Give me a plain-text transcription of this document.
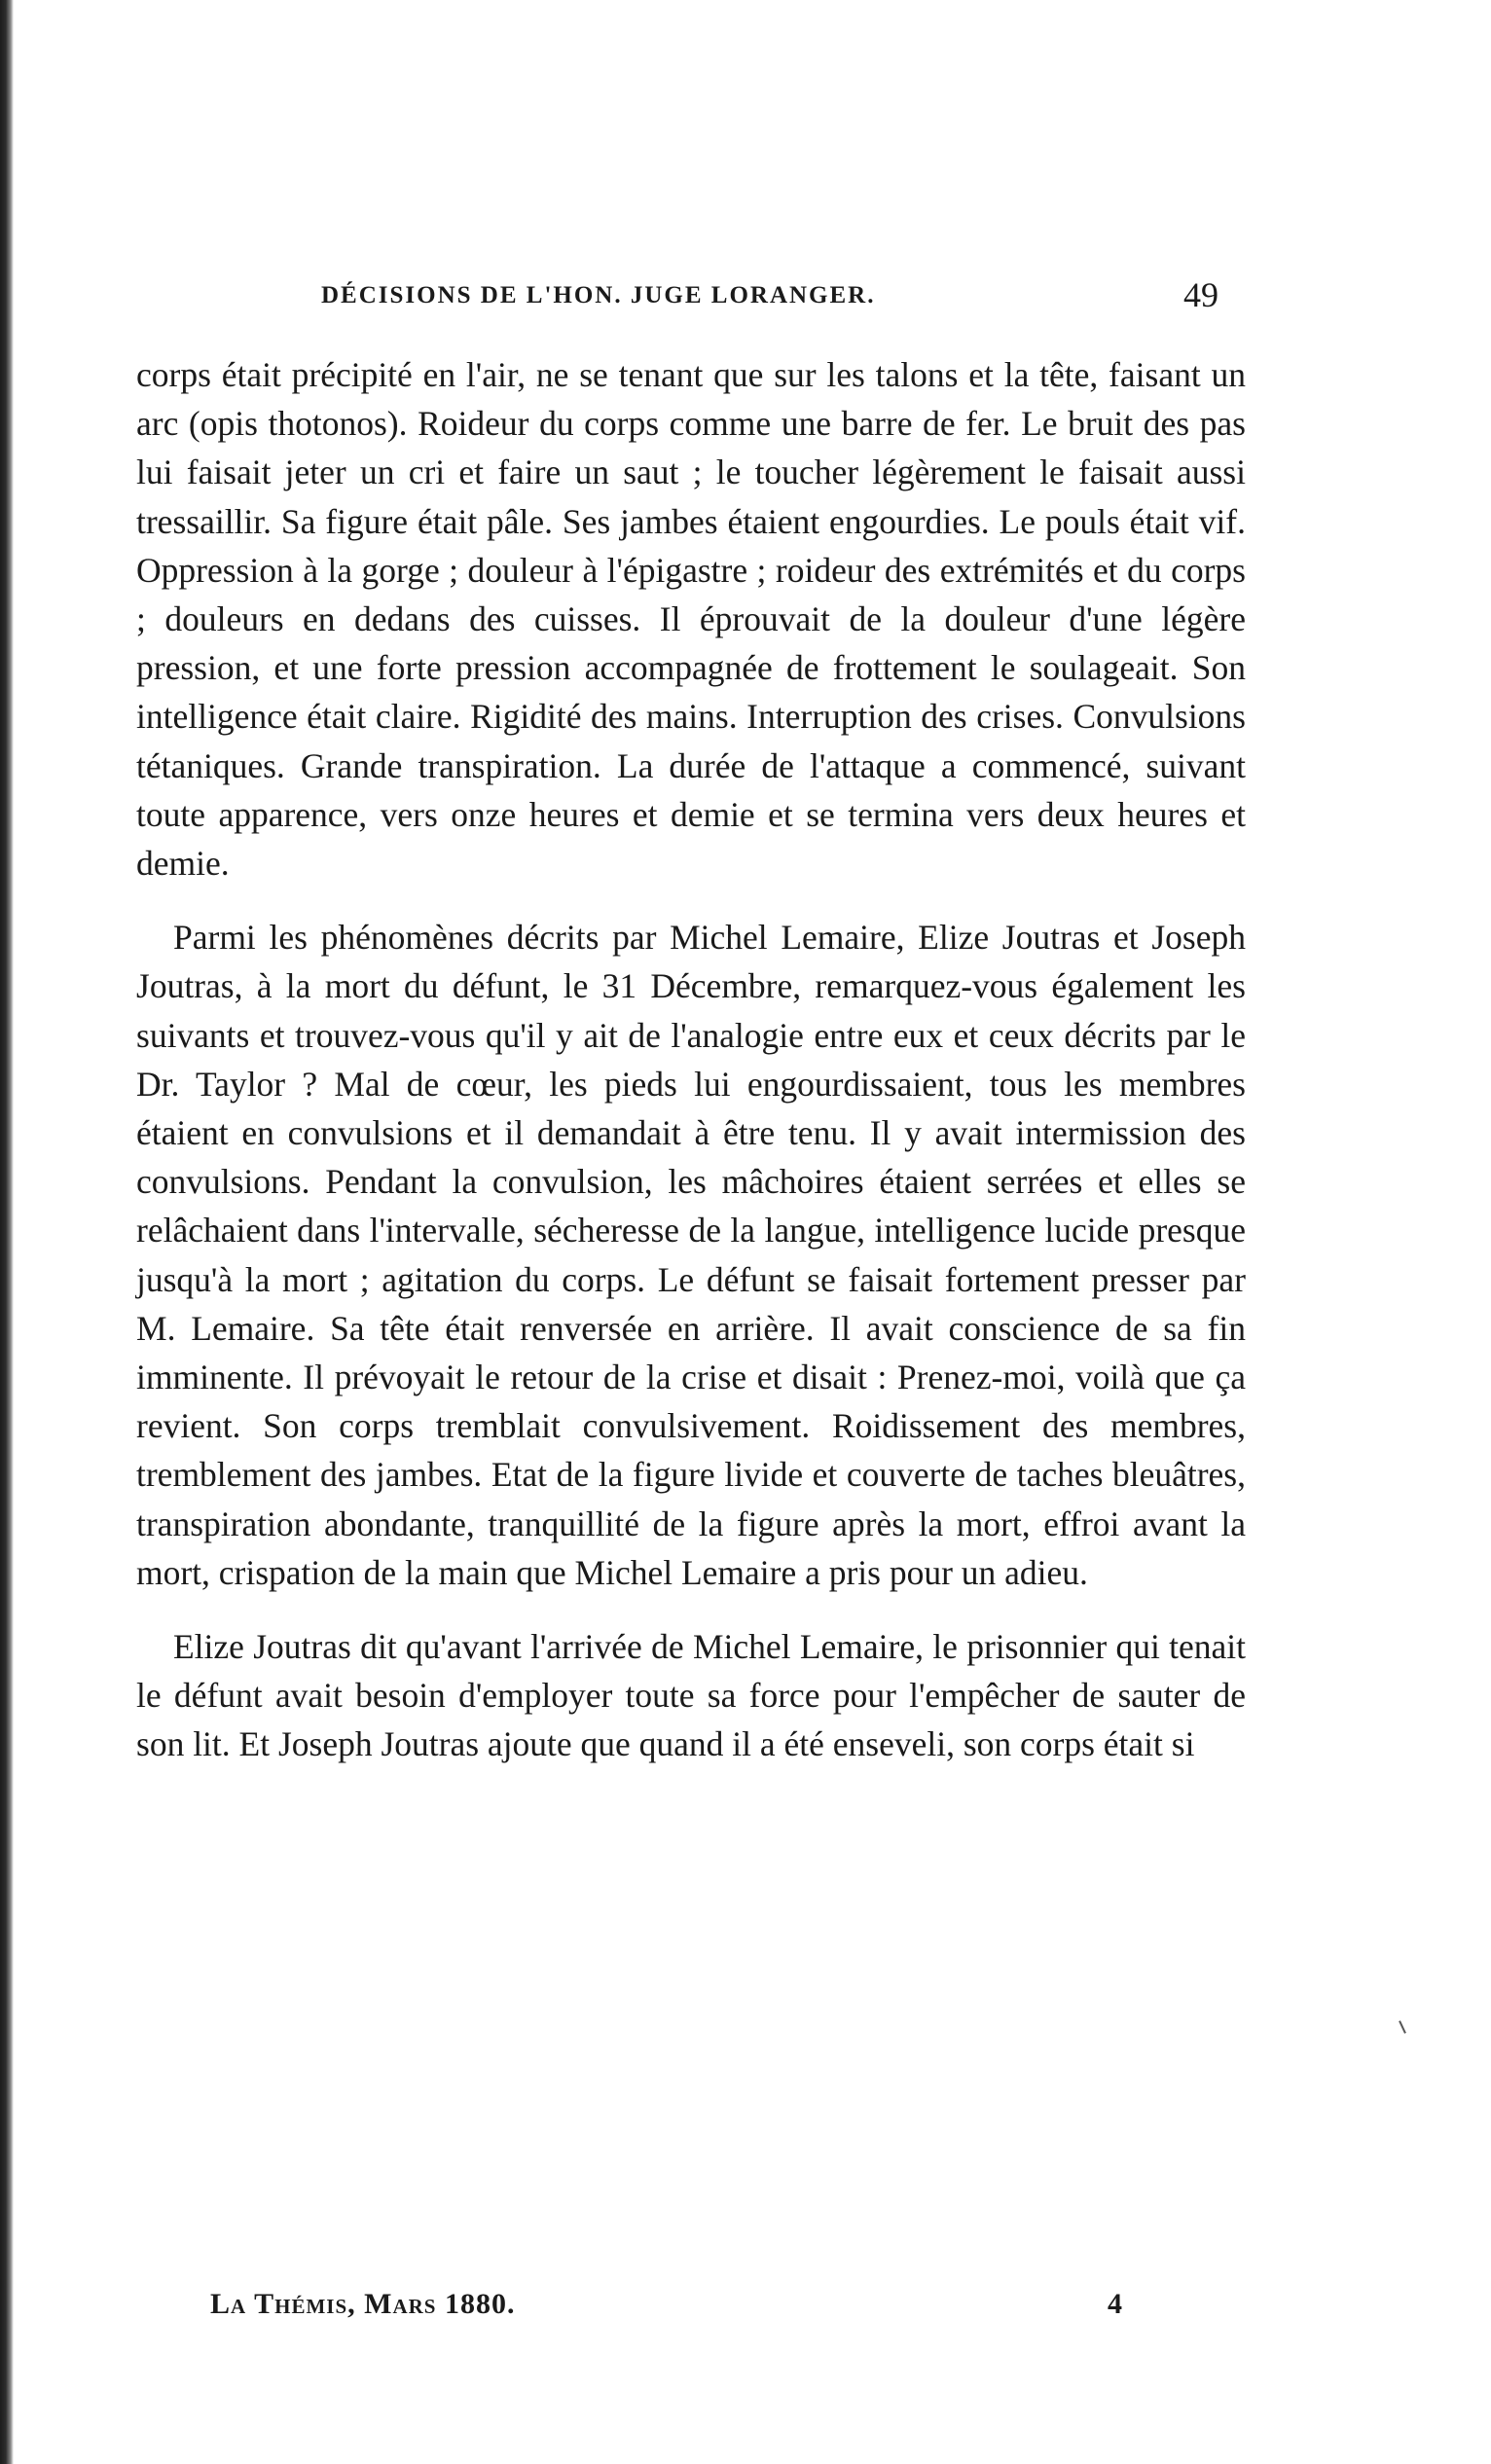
DÉCISIONS DE L'HON. JUGE LORANGER.	49

corps était précipité en l'air, ne se tenant que sur les talons et la tête, faisant un arc (opis thotonos). Roideur du corps comme une barre de fer. Le bruit des pas lui faisait jeter un cri et faire un saut ; le toucher légèrement le faisait aussi tressaillir. Sa figure était pâle. Ses jambes étaient engourdies. Le pouls était vif. Oppression à la gorge ; douleur à l'épigastre ; roideur des extrémités et du corps ; douleurs en dedans des cuisses. Il éprouvait de la douleur d'une légère pression, et une forte pression accompagnée de frottement le soulageait. Son intelligence était claire. Rigidité des mains. Interruption des crises. Convulsions tétaniques. Grande transpiration. La durée de l'attaque a commencé, suivant toute apparence, vers onze heures et demie et se termina vers deux heures et demie.

Parmi les phénomènes décrits par Michel Lemaire, Elize Joutras et Joseph Joutras, à la mort du défunt, le 31 Décembre, remarquez-vous également les suivants et trouvez-vous qu'il y ait de l'analogie entre eux et ceux décrits par le Dr. Taylor ? Mal de cœur, les pieds lui engourdissaient, tous les membres étaient en convulsions et il demandait à être tenu. Il y avait intermission des convulsions. Pendant la convulsion, les mâchoires étaient serrées et elles se relâchaient dans l'intervalle, sécheresse de la langue, intelligence lucide presque jusqu'à la mort ; agitation du corps. Le défunt se faisait fortement presser par M. Lemaire. Sa tête était renversée en arrière. Il avait conscience de sa fin imminente. Il prévoyait le retour de la crise et disait : Prenez-moi, voilà que ça revient. Son corps tremblait convulsivement. Roidissement des membres, tremblement des jambes. Etat de la figure livide et couverte de taches bleuâtres, transpiration abondante, tranquillité de la figure après la mort, effroi avant la mort, crispation de la main que Michel Lemaire a pris pour un adieu.

Elize Joutras dit qu'avant l'arrivée de Michel Lemaire, le prisonnier qui tenait le défunt avait besoin d'employer toute sa force pour l'empêcher de sauter de son lit. Et Joseph Joutras ajoute que quand il a été enseveli, son corps était si

La Thémis, Mars 1880.	4
